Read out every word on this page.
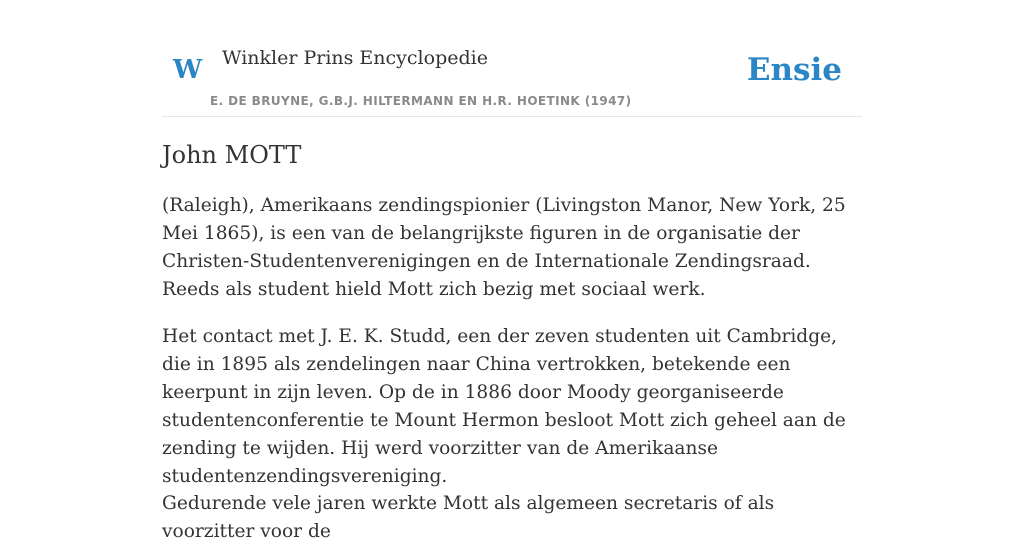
W Winkler Prins Encyclopedie
E. DE BRUYNE, G.B.J. HILTERMANN EN H.R. HOETINK (1947)
Ensie
John MOTT

(Raleigh), Amerikaans zendingspionier (Livingston Manor, New York, 25 Mei 1865), is een van de belangrijkste figuren in de organisatie der Christen-Studentenverenigingen en de Internationale Zendingsraad. Reeds als student hield Mott zich bezig met sociaal werk.

Het contact met J. E. K. Studd, een der zeven studenten uit Cambridge, die in 1895 als zendelingen naar China vertrokken, betekende een keerpunt in zijn leven. Op de in 1886 door Moody georganiseerde studentenconferentie te Mount Hermon besloot Mott zich geheel aan de zending te wijden. Hij werd voorzitter van de Amerikaanse studentenzendingsvereniging.

Gedurende vele jaren werkte Mott als algemeen secretaris of als voorzitter voor de
